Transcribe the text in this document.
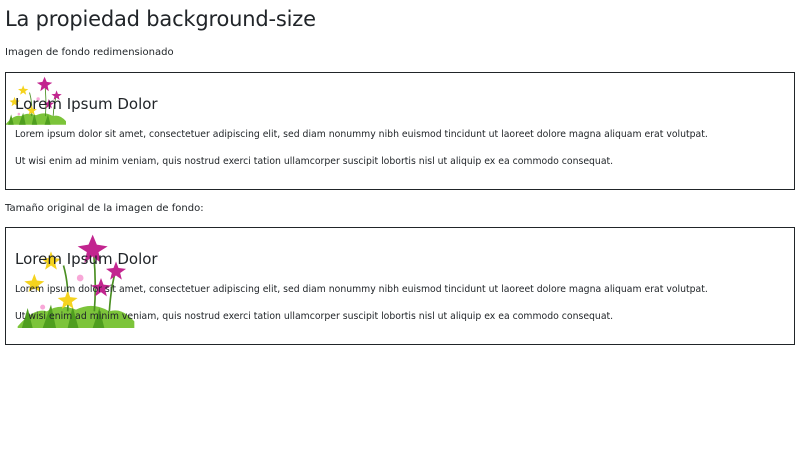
La propiedad background-size

Imagen de fondo redimensionado

Lorem Ipsum Dolor

Lorem ipsum dolor sit amet, consectetuer adipiscing elit, sed diam nonummy nibh euismod tincidunt ut laoreet dolore magna aliquam erat volutpat.

Ut wisi enim ad minim veniam, quis nostrud exerci tation ullamcorper suscipit lobortis nisl ut aliquip ex ea commodo consequat.

Tamaño original de la imagen de fondo:

Lorem Ipsum Dolor

Lorem ipsum dolor sit amet, consectetuer adipiscing elit, sed diam nonummy nibh euismod tincidunt ut laoreet dolore magna aliquam erat volutpat.

Ut wisi enim ad minim veniam, quis nostrud exerci tation ullamcorper suscipit lobortis nisl ut aliquip ex ea commodo consequat.
